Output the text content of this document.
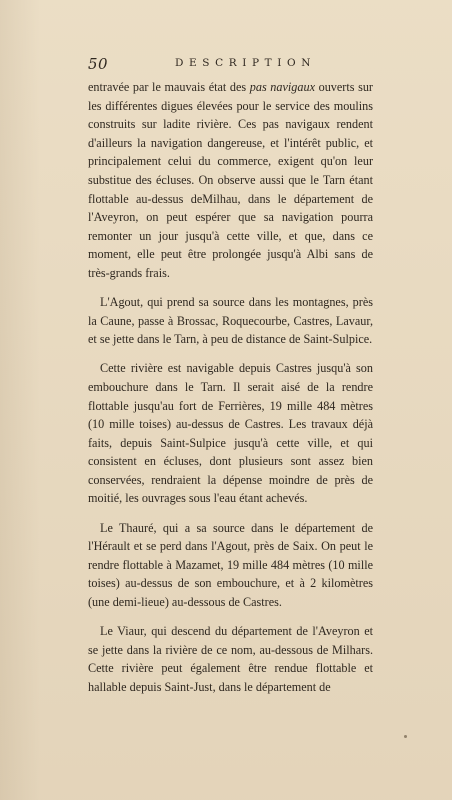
50	DESCRIPTION

entravée par le mauvais état des pas navigaux ouverts sur les différentes digues élevées pour le service des moulins construits sur ladite rivière. Ces pas navigaux rendent d'ailleurs la navigation dangereuse, et l'intérêt public, et principalement celui du commerce, exigent qu'on leur substitue des écluses. On observe aussi que le Tarn étant flottable au-dessus deMilhau, dans le département de l'Aveyron, on peut espérer que sa navigation pourra remonter un jour jusqu'à cette ville, et que, dans ce moment, elle peut être prolongée jusqu'à Albi sans de très-grands frais.

L'Agout, qui prend sa source dans les montagnes, près la Caune, passe à Brossac, Roquecourbe, Castres, Lavaur, et se jette dans le Tarn, à peu de distance de Saint-Sulpice.

Cette rivière est navigable depuis Castres jusqu'à son embouchure dans le Tarn. Il serait aisé de la rendre flottable jusqu'au fort de Ferrières, 19 mille 484 mètres (10 mille toises) au-dessus de Castres. Les travaux déjà faits, depuis Saint-Sulpice jusqu'à cette ville, et qui consistent en écluses, dont plusieurs sont assez bien conservées, rendraient la dépense moindre de près de moitié, les ouvrages sous l'eau étant achevés.

Le Thauré, qui a sa source dans le département de l'Hérault et se perd dans l'Agout, près de Saix. On peut le rendre flottable à Mazamet, 19 mille 484 mètres (10 mille toises) au-dessus de son embouchure, et à 2 kilomètres (une demi-lieue) au-dessous de Castres.

Le Viaur, qui descend du département de l'Aveyron et se jette dans la rivière de ce nom, au-dessous de Milhars. Cette rivière peut également être rendue flottable et hallable depuis Saint-Just, dans le département de
